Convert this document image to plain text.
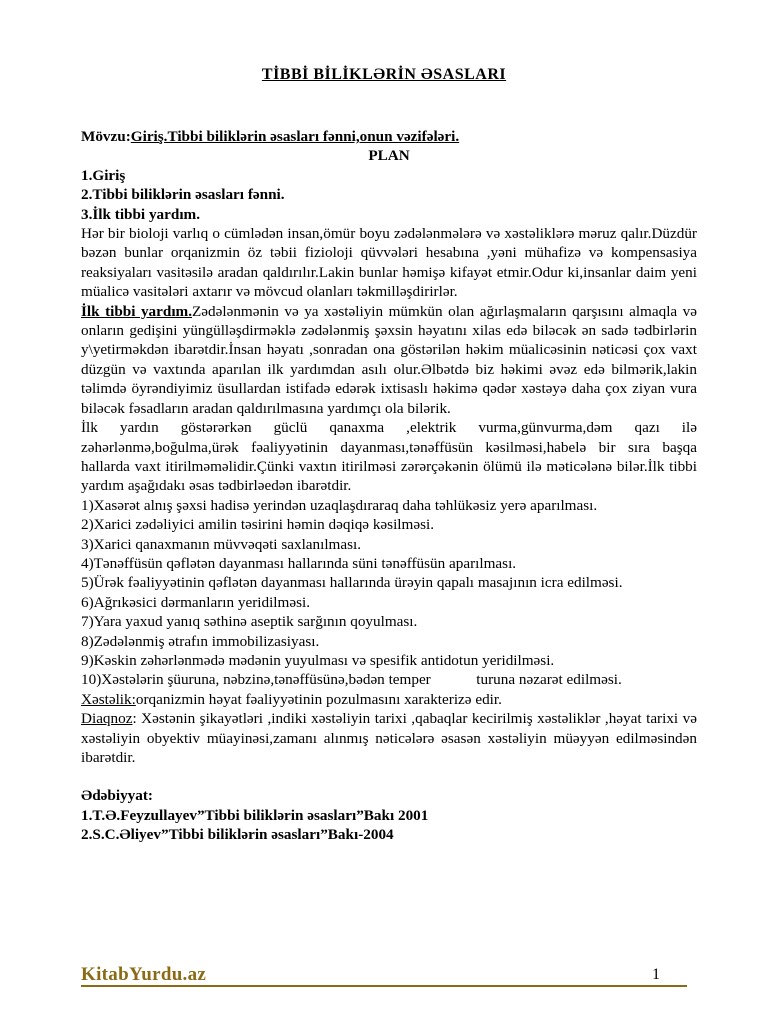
TİBBİ BİLİKLƏRİN ƏSASLARI

Mövzu:Giriş.Tibbi biliklərin əsasları fənni,onun vəzifələri.

PLAN

1.Giriş

2.Tibbi biliklərin əsasları fənni.

3.İlk tibbi yardım.

Hər bir bioloji varlıq o cümlədən insan,ömür boyu zədələnmələrə və xəstəliklərə məruz qalır.Düzdür bəzən bunlar orqanizmin öz təbii fizioloji qüvvələri hesabına ,yəni mühafizə və kompensasiya reaksiyaları vasitəsilə aradan qaldırılır.Lakin bunlar həmişə kifayət etmir.Odur ki,insanlar daim yeni müalicə vasitələri axtarır və mövcud olanları təkmilləşdirirlər.

İlk tibbi yardım.Zədələnmənin və ya xəstəliyin mümkün olan ağırlaşmaların qarşısını almaqla və onların gedişini yüngülləşdirməklə zədələnmiş şəxsin həyatını xilas edə biləcək ən sadə tədbirlərin y\yetirməkdən ibarətdir.İnsan həyatı ,sonradan ona göstərilən həkim müalicəsinin nəticəsi çox vaxt düzgün və vaxtında aparılan ilk yardımdan asılı olur.Əlbətdə biz həkimi əvəz edə bilmərik,lakin təlimdə öyrəndiyimiz üsullardan istifadə edərək ixtisaslı həkimə qədər xəstəyə daha çox ziyan vura biləcək fəsadların aradan qaldırılmasına yardımçı ola bilərik.

İlk yardın göstərərkən güclü qanaxma ,elektrik vurma,günvurma,dəm qazı ilə zəhərlənmə,boğulma,ürək fəaliyyətinin dayanması,tənəffüsün kəsilməsi,habelə bir sıra başqa hallarda vaxt itirilməməlidir.Çünki vaxtın itirilməsi zərərçəkənin ölümü ilə məticələnə bilər.İlk tibbi yardım aşağıdakı əsas tədbirləedən ibarətdir.

1)Xasərət alnış şəxsi hadisə yerindən uzaqlaşdıraraq daha təhlükəsiz yerə aparılması.

2)Xarici zədəliyici amilin təsirini həmin dəqiqə kəsilməsi.

3)Xarici qanaxmanın müvvəqəti saxlanılması.

4)Tənəffüsün qəflətən dayanması hallarında süni tənəffüsün aparılması.

5)Ürək fəaliyyətinin qəflətən dayanması hallarında ürəyin qapalı masajının icra edilməsi.

6)Ağrıkəsici dərmanların yeridilməsi.

7)Yara yaxud yanıq səthinə aseptik sarğının qoyulması.

8)Zədələnmiş ətrafın immobilizasiyası.

9)Kəskin zəhərlənmədə mədənin yuyulması və spesifik antidotun yeridilməsi.

10)Xəstələrin şüuruna, nəbzinə,tənəffüsünə,bədən temper            turuna nəzarət edilməsi.

Xəstəlik:orqanizmin həyat fəaliyyətinin pozulmasını xarakterizə edir.

Diaqnoz: Xəstənin şikayətləri ,indiki xəstəliyin tarixi ,qabaqlar kecirilmiş xəstəliklər ,həyat tarixi və xəstəliyin obyektiv müayinəsi,zamanı alınmış nəticələrə əsasən xəstəliyin müəyyən edilməsindən ibarətdir.

Ədəbiyyat:

1.T.Ə.Feyzullayev”Tibbi biliklərin əsasları”Bakı 2001

2.S.C.Əliyev”Tibbi biliklərin əsasları”Bakı-2004

KitabYurdu.az	1
